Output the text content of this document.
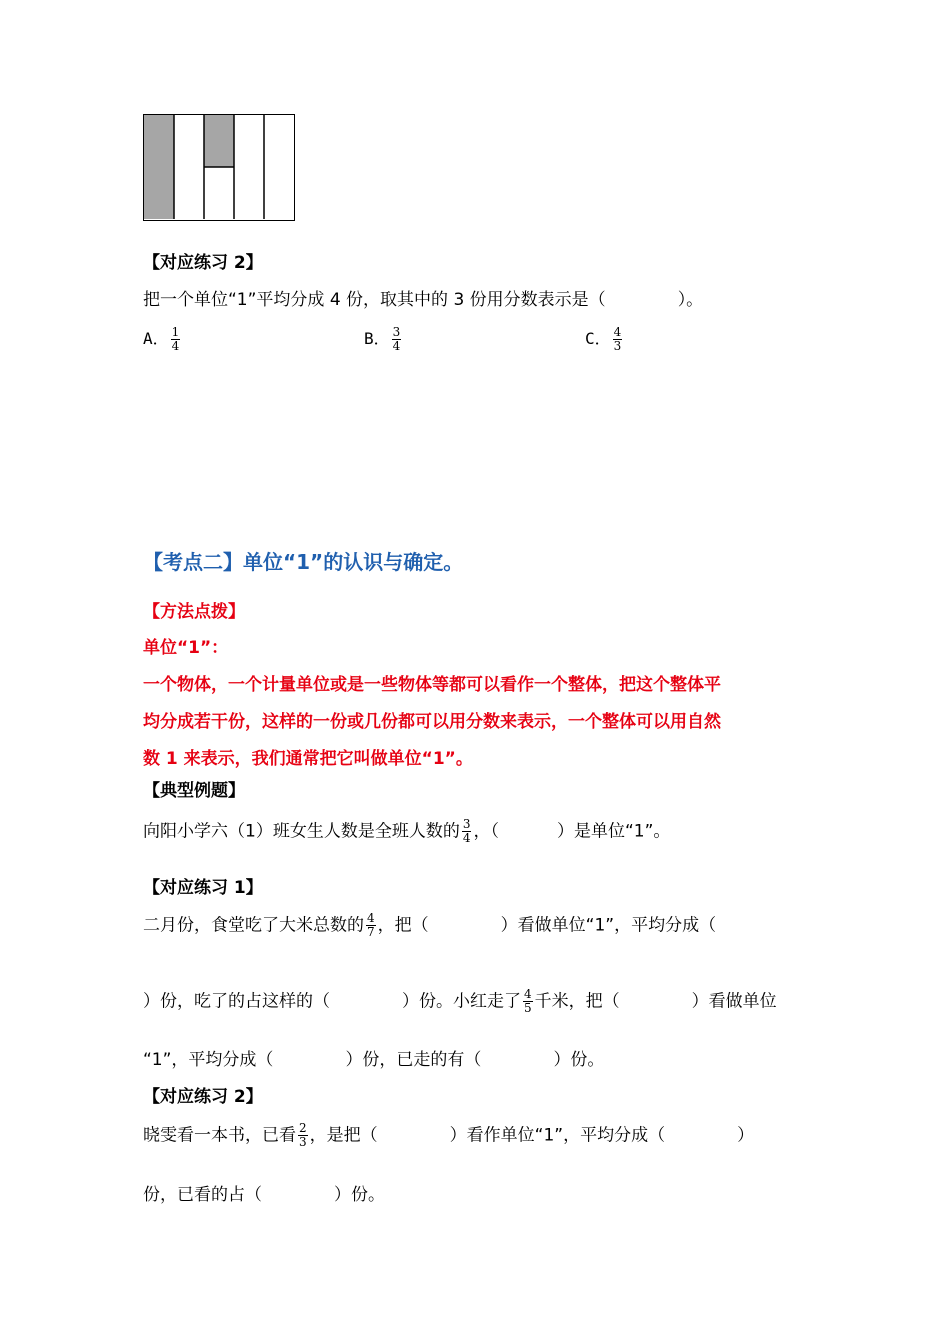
【对应练习 2】
把一个单位“1”平均分成 4 份，取其中的 3 份用分数表示是（	）。
A． $\frac{1}{4}$	B． $\frac{3}{4}$	C． $\frac{4}{3}$
【考点二】单位“1”的认识与确定。
【方法点拨】
单位“1”：
一个物体，一个计量单位或是一些物体等都可以看作一个整体，把这个整体平
均分成若干份，这样的一份或几份都可以用分数来表示，一个整体可以用自然
数 1 来表示，我们通常把它叫做单位“1”。
【典型例题】
向阳小学六（1）班女生人数是全班人数的 $\frac{3}{4}$ ，（	）是单位“1”。
【对应练习 1】
二月份，食堂吃了大米总数的 $\frac{4}{7}$ ，把（	）看做单位“1”，平均分成（
）份，吃了的占这样的（	）份。小红走了 $\frac{4}{5}$ 千米，把（	）看做单位
“1”，平均分成（	）份，已走的有（	）份。
【对应练习 2】
晓雯看一本书，已看 $\frac{2}{3}$ ，是把（	）看作单位“1”，平均分成（	）
份，已看的占（	）份。
